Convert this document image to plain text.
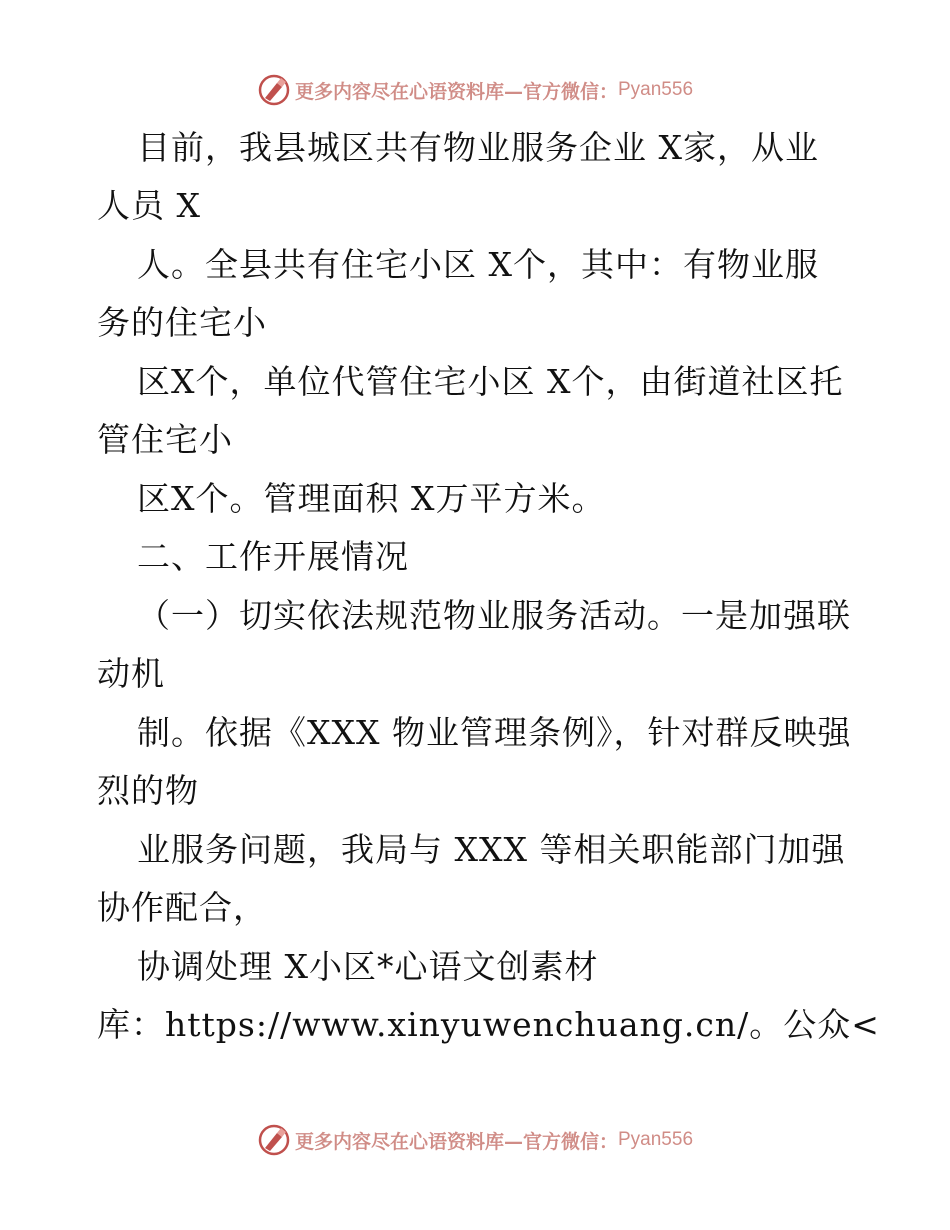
更多内容尽在心语资料库—官方微信： Pyan556
目前，我县城区共有物业服务企业 X家，从业
人员 X
人。全县共有住宅小区 X个，其中：有物业服
务的住宅小
区X个，单位代管住宅小区 X个，由街道社区托
管住宅小
区X个。管理面积 X万平方米。
二、工作开展情况
（一）切实依法规范物业服务活动。一是加强联
动机
制。依据《XXX 物业管理条例》，针对群反映强
烈的物
业服务问题，我局与 XXX 等相关职能部门加强
协作配合，
协调处理 X小区*心语文创素材
库：https://www.xinyuwenchuang.cn/。公众<
更多内容尽在心语资料库—官方微信： Pyan556
